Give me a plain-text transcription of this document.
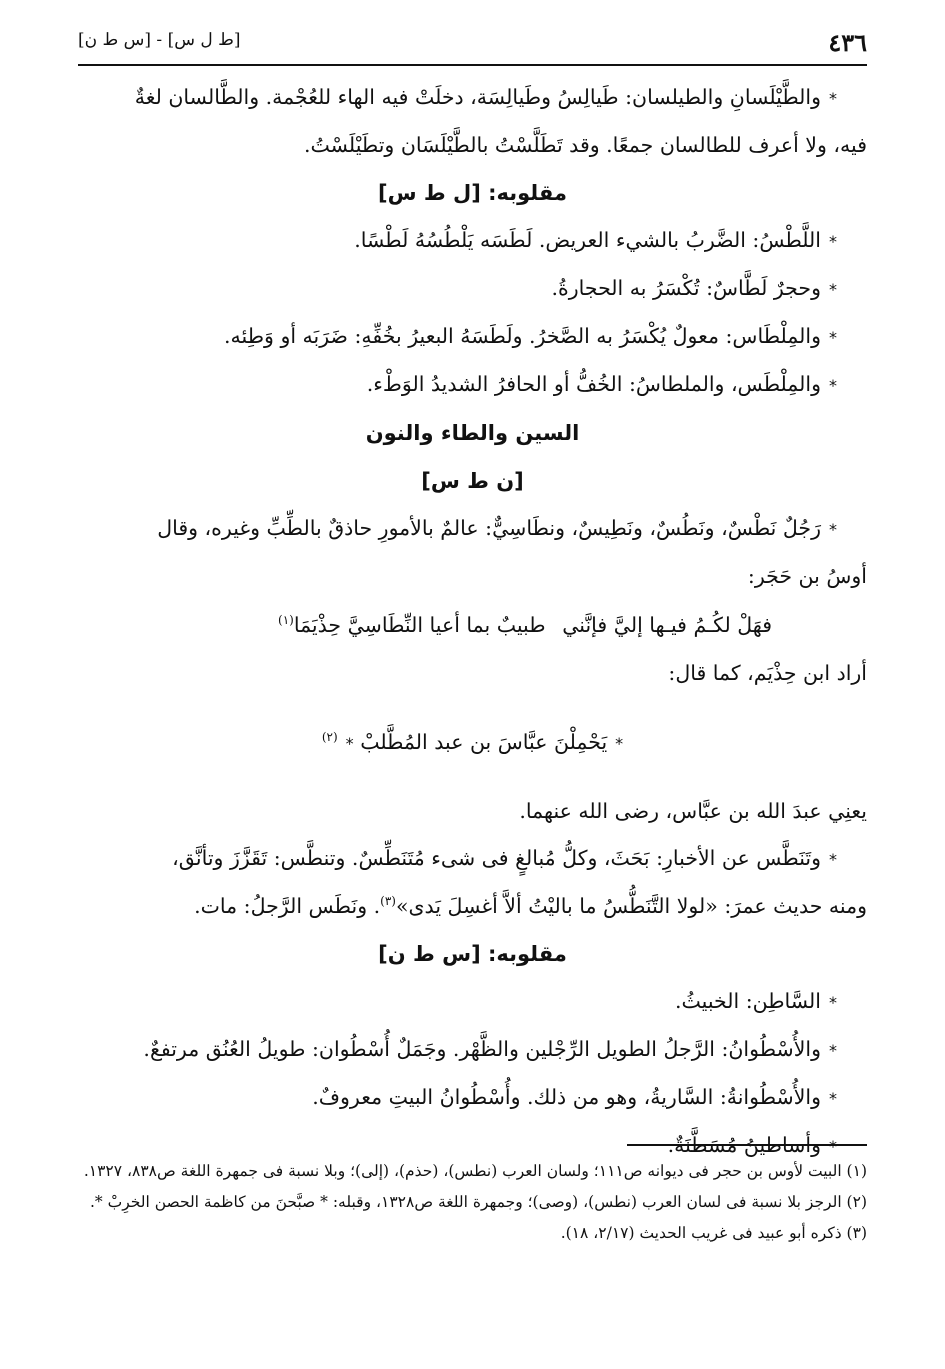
٤٣٦
[ط ل س] - [س ط ن]

*والطَّيْلَسانِ والطيلسان: طَيالِسُ وطَيالِسَة، دخلَتْ فيه الهاء للعُجْمة. والطَّالسان لغةٌ

فيه، ولا أعرف للطالسان جمعًا. وقد تَطَلَّسْتُ بالطَّيْلَسَان وتطَيْلَسْتُ.

مقلوبه: [ل ط س]

*اللَّطْسُ: الضَّربُ بالشيء العريض. لَطَسَه يَلْطُسُهُ لَطْسًا.

*وحجرٌ لَطَّاسٌ: تُكْسَرُ به الحجارةُ.

*والمِلْطَاس: معولٌ يُكْسَرُ به الصَّخرُ. ولَطَسَهُ البعيرُ بخُفِّهِ: ضَرَبَه أو وَطِئه.

*والمِلْطَس، والملطاسُ: الخُفُّ أو الحافرُ الشديدُ الوَطْء.

السين والطاء والنون

[ن ط س]

*رَجُلٌ نَطْسٌ، ونَطُسٌ، ونَطِيسٌ، ونطَاسِيٌّ: عالمٌ بالأمورِ حاذقٌ بالطِّبِّ وغيره، وقال

أوسُ بن حَجَر:

فهَلْ لكُـمُ فيـها إليَّ فإنَّني
طبيبٌ بما أعيا النِّطَاسِيَّ حِذْيَمَا$^{(١)}$

أراد ابن حِذْيَم، كما قال:

*يَحْمِلْنَ عبَّاسَ بن عبد المُطَّلبْ *$^{(٢)}$

يعنِي عبدَ الله بن عبَّاس، رضى الله عنهما.

*وتَنَطَّس عن الأخبارِ: بَحَثَ، وكلُّ مُبالغٍ فى شىء مُتَنَطِّسٌ. وتنطَّس: تَقَزَّزَ وتأنَّق،

ومنه حديث عمرَ: «لولا التَّنَطُّسُ ما باليْتُ ألاَّ أغسِلَ يَدى»$^{(٣)}$. ونَطَس الرَّجلُ: مات.

مقلوبه: [س ط ن]

*السَّاطِن: الخبيثُ.

*والأُسْطُوانُ: الرَّجلُ الطويل الرِّجْلين والظَّهْر. وجَمَلٌ أُسْطُوان: طويلُ العُنُق مرتفعٌ.

*والأُسْطُوانةُ: السَّاريةُ، وهو من ذلك. وأُسْطُوانُ البيتِ معروفٌ.

*وأساطينُ مُسَطَّنَةٌ.

(١) البيت لأوس بن حجر فى ديوانه ص١١١؛ ولسان العرب (نطس)، (حذم)، (إلى)؛ وبلا نسبة فى جمهرة اللغة ص٨٣٨، ١٣٢٧.

(٢) الرجز بلا نسبة فى لسان العرب (نطس)، (وصى)؛ وجمهرة اللغة ص١٣٢٨، وقبله: * صبَّحنَ من كاظمة الحصن الخرِبْ *.

(٣) ذكره أبو عبيد فى غريب الحديث (٢/١٧، ١٨).
